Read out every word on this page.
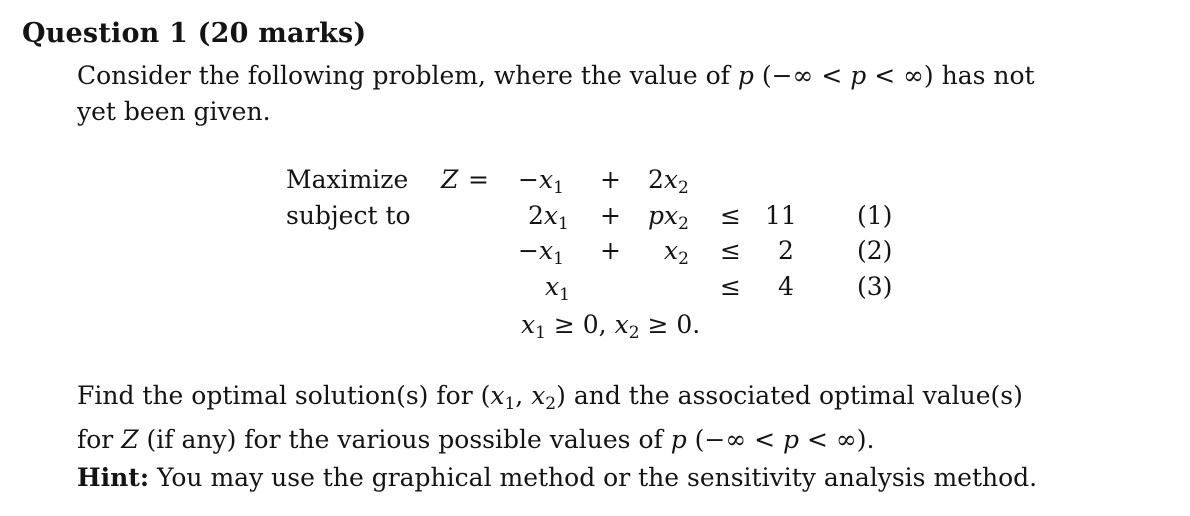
Question 1 (20 marks)
Consider the following problem, where the value of p (−∞ < p < ∞) has not
yet been given.
Maximize $Z = -x_1 + 2x_2$
subject to	$2x_1 + px_2 \le 11$ (1)
$-x_1 + x_2 \le 2$	(2)
$x_1$	≤ 4	(3)
$x_1 \ge 0$, $x_2 \ge 0$.
Find the optimal solution(s) for ($x_1$, $x_2$) and the associated optimal value(s)
for Z (if any) for the various possible values of p (−∞ < p < ∞).
Hint: You may use the graphical method or the sensitivity analysis method.
